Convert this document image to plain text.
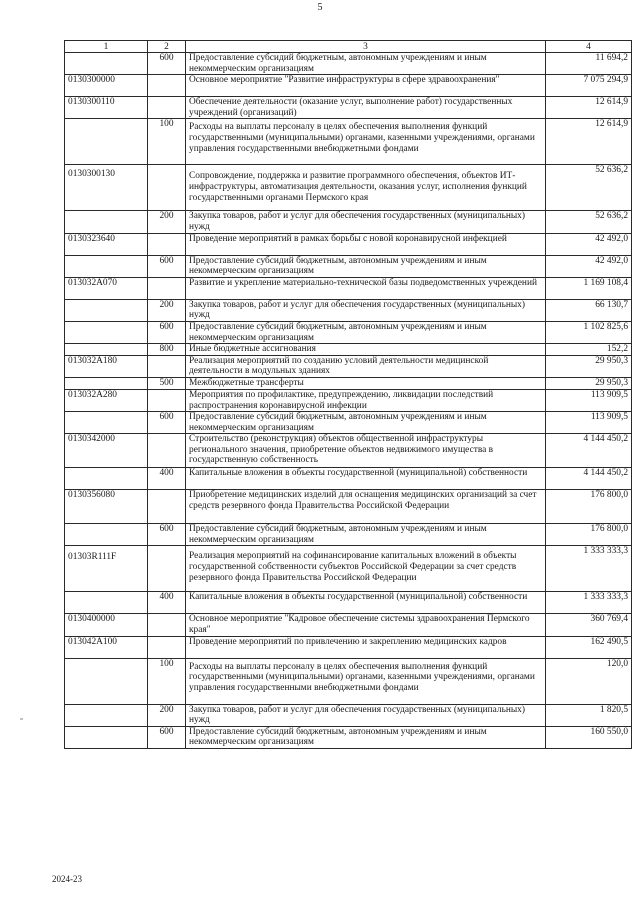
5
1	2	3	4
	600	Предоставление субсидий бюджетным, автономным учреждениям и иным некоммерческим организациям	11 694,2
0130300000		Основное мероприятие "Развитие инфраструктуры в сфере здравоохранения"	7 075 294,9
0130300110		Обеспечение деятельности (оказание услуг, выполнение работ) государственных учреждений (организаций)	12 614,9
	100	Расходы на выплаты персоналу в целях обеспечения выполнения функций государственными (муниципальными) органами, казенными учреждениями, органами управления государственными внебюджетными фондами	12 614,9
0130300130		Сопровождение, поддержка и развитие программного обеспечения, объектов ИТ-инфраструктуры, автоматизация деятельности, оказания услуг, исполнения функций государственными органами Пермского края	52 636,2
	200	Закупка товаров, работ и услуг для обеспечения государственных (муниципальных) нужд	52 636,2
0130323640		Проведение мероприятий в рамках борьбы с новой коронавирусной инфекцией	42 492,0
	600	Предоставление субсидий бюджетным, автономным учреждениям и иным некоммерческим организациям	42 492,0
013032А070		Развитие и укрепление материально-технической базы подведомственных учреждений	1 169 108,4
	200	Закупка товаров, работ и услуг для обеспечения государственных (муниципальных) нужд	66 130,7
	600	Предоставление субсидий бюджетным, автономным учреждениям и иным некоммерческим организациям	1 102 825,6
	800	Иные бюджетные ассигнования	152,2
013032А180		Реализация мероприятий по созданию условий деятельности медицинской деятельности в модульных зданиях	29 950,3
	500	Межбюджетные трансферты	29 950,3
013032А280		Мероприятия по профилактике, предупреждению, ликвидации последствий распространения коронавирусной инфекции	113 909,5
	600	Предоставление субсидий бюджетным, автономным учреждениям и иным некоммерческим организациям	113 909,5
0130342000		Строительство (реконструкция) объектов общественной инфраструктуры регионального значения, приобретение объектов недвижимого имущества в государственную собственность	4 144 450,2
	400	Капитальные вложения в объекты государственной (муниципальной) собственности	4 144 450,2
0130356080		Приобретение медицинских изделий для оснащения медицинских организаций за счет средств резервного фонда Правительства Российской Федерации	176 800,0
	600	Предоставление субсидий бюджетным, автономным учреждениям и иным некоммерческим организациям	176 800,0
01303R111F		Реализация мероприятий на софинансирование капитальных вложений в объекты государственной собственности субъектов Российской Федерации за счет средств резервного фонда Правительства Российской Федерации	1 333 333,3
	400	Капитальные вложения в объекты государственной (муниципальной) собственности	1 333 333,3
0130400000		Основное мероприятие "Кадровое обеспечение системы здравоохранения Пермского края"	360 769,4
013042А100		Проведение мероприятий по привлечению и закреплению медицинских кадров	162 490,5
	100	Расходы на выплаты персоналу в целях обеспечения выполнения функций государственными (муниципальными) органами, казенными учреждениями, органами управления государственными внебюджетными фондами	120,0
	200	Закупка товаров, работ и услуг для обеспечения государственных (муниципальных) нужд	1 820,5
	600	Предоставление субсидий бюджетным, автономным учреждениям и иным некоммерческим организациям	160 550,0
2024-23
